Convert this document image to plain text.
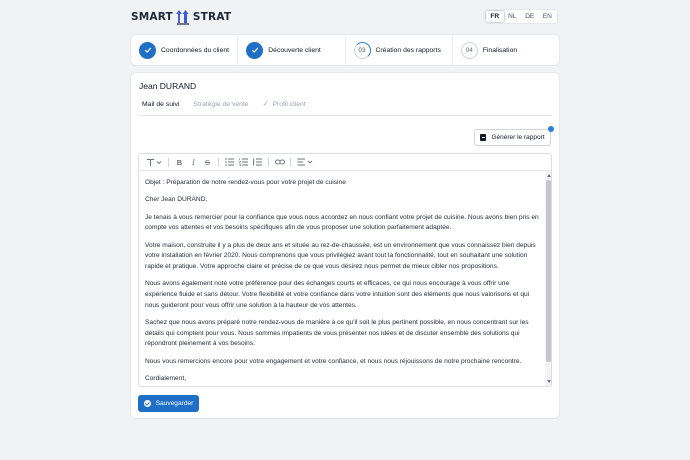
SMART STRAT	FR	NL	DE	EN
Coordonnées du client	Découverte client	03	Création des rapports	04	Finalisation
Jean DURAND
Mail de suivi Stratégie de vente ✓ Profil client
Générer le rapport
B	I	S

Objet : Préparation de notre rendez-vous pour votre projet de cuisine

Cher Jean DURAND,

Je tenais à vous remercier pour la confiance que vous nous accordez en nous confiant votre projet de cuisine. Nous avons bien pris en compte vos attentes et vos besoins spécifiques afin de vous proposer une solution parfaitement adaptée.

Votre maison, construite il y a plus de deux ans et située au rez-de-chaussée, est un environnement que vous connaissez bien depuis votre installation en février 2020. Nous comprenons que vous privilégiez avant tout la fonctionnalité, tout en souhaitant une solution rapide et pratique. Votre approche claire et précise de ce que vous désirez nous permet de mieux cibler nos propositions.

Nous avons également noté votre préférence pour des échanges courts et efficaces, ce qui nous encourage à vous offrir une expérience fluide et sans détour. Votre flexibilité et votre confiance dans votre intuition sont des éléments que nous valorisons et qui nous guideront pour vous offrir une solution à la hauteur de vos attentes.

Sachez que nous avons préparé notre rendez-vous de manière à ce qu'il soit le plus pertinent possible, en nous concentrant sur les détails qui comptent pour vous. Nous sommes impatients de vous présenter nos idées et de discuter ensemble des solutions qui répondront pleinement à vos besoins.

Nous vous remercions encore pour votre engagement et votre confiance, et nous nous réjouissons de notre prochaine rencontre.

Cordialement,

Sauvegarder
